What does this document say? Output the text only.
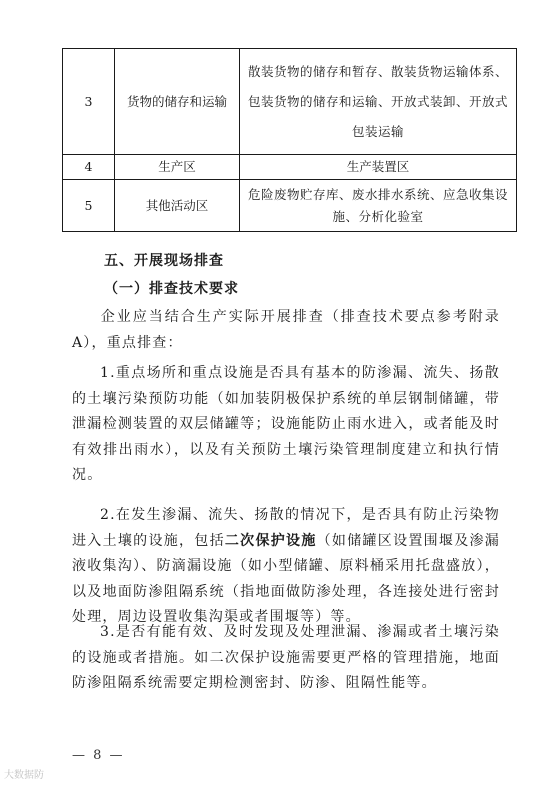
3	货物的储存和运输	散装货物的储存和暂存、散装货物运输体系、包装货物的储存和运输、开放式装卸、开放式包装运输
4	生产区	生产装置区
5	其他活动区	危险废物贮存库、废水排水系统、应急收集设施、分析化验室
五、开展现场排查
（一）排查技术要求

企业应当结合生产实际开展排查（排查技术要点参考附录A），重点排查：

1.重点场所和重点设施是否具有基本的防渗漏、流失、扬散的土壤污染预防功能（如加装阴极保护系统的单层钢制储罐，带泄漏检测装置的双层储罐等；设施能防止雨水进入，或者能及时有效排出雨水），以及有关预防土壤污染管理制度建立和执行情况。

2.在发生渗漏、流失、扬散的情况下，是否具有防止污染物进入土壤的设施，包括二次保护设施（如储罐区设置围堰及渗漏液收集沟）、防滴漏设施（如小型储罐、原料桶采用托盘盛放），以及地面防渗阻隔系统（指地面做防渗处理，各连接处进行密封处理，周边设置收集沟渠或者围堰等）等。

3.是否有能有效、及时发现及处理泄漏、渗漏或者土壤污染的设施或者措施。如二次保护设施需要更严格的管理措施，地面防渗阻隔系统需要定期检测密封、防渗、阻隔性能等。

— 8 —
大数据防
